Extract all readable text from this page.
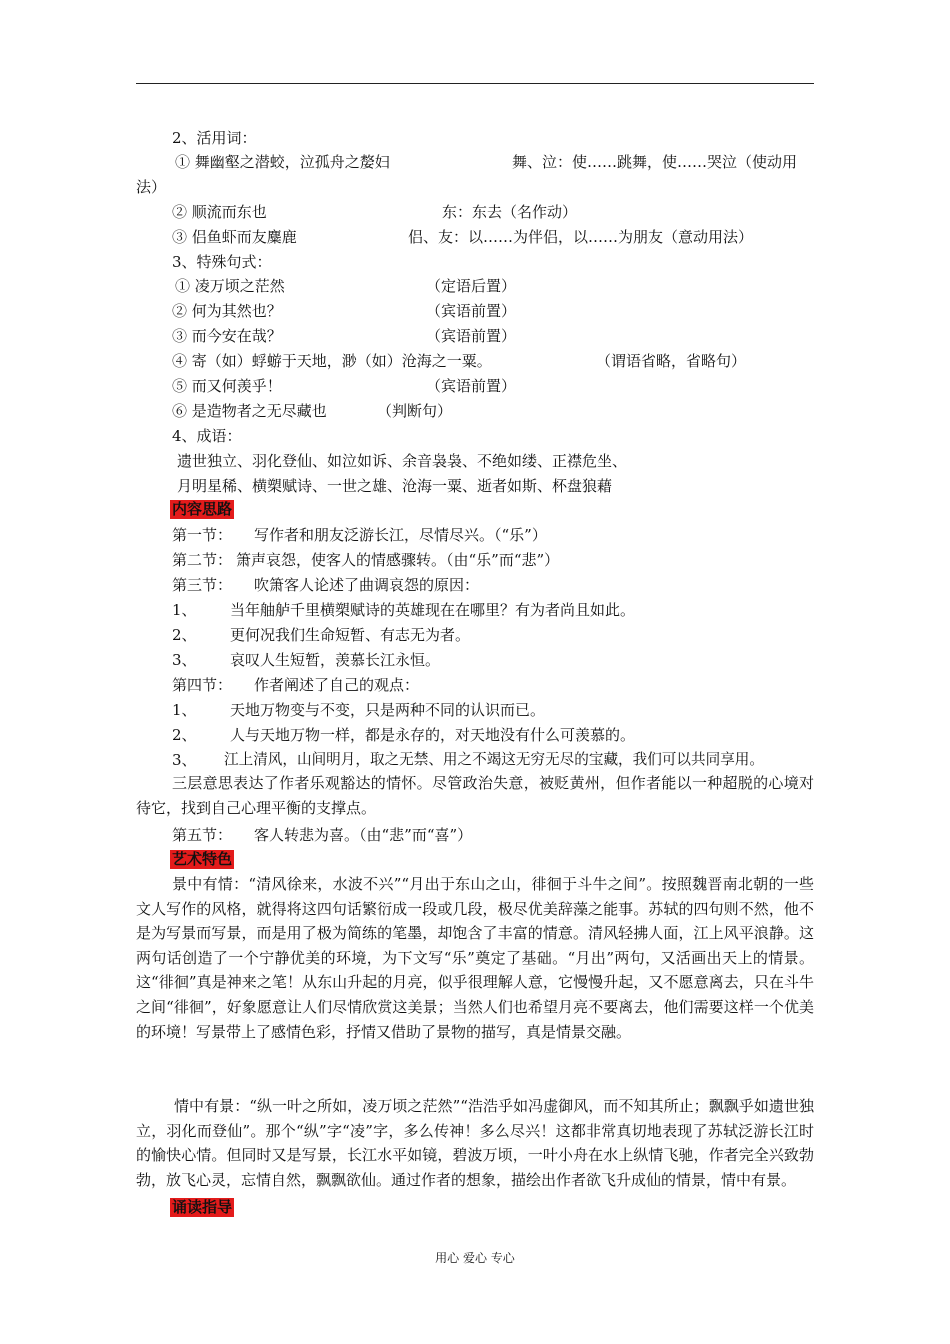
2、活用词：
① 舞幽壑之潜蛟，泣孤舟之嫠妇	舞、泣：使……跳舞，使……哭泣（使动用
法）
② 顺流而东也	东：东去（名作动）
③ 侣鱼虾而友麋鹿	侣、友：以……为伴侣，以……为朋友（意动用法）
3、特殊句式：
① 凌万顷之茫然	（定语后置）
② 何为其然也？	（宾语前置）
③ 而今安在哉？	（宾语前置）
④ 寄（如）蜉蝣于天地，渺（如）沧海之一粟。	（谓语省略，省略句）
⑤ 而又何羡乎！	（宾语前置）
⑥ 是造物者之无尽藏也	（判断句）
4、成语：
遗世独立、羽化登仙、如泣如诉、余音袅袅、不绝如缕、正襟危坐、
月明星稀、横槊赋诗、一世之雄、沧海一粟、逝者如斯、杯盘狼藉
内容思路
第一节： 写作者和朋友泛游长江，尽情尽兴。（“乐”）
第二节： 箫声哀怨，使客人的情感骤转。（由“乐”而“悲”）
第三节： 吹箫客人论述了曲调哀怨的原因：
1、 当年舳舻千里横槊赋诗的英雄现在在哪里？有为者尚且如此。
2、 更何况我们生命短暂、有志无为者。
3、 哀叹人生短暂，羡慕长江永恒。
第四节： 作者阐述了自己的观点：
1、 天地万物变与不变，只是两种不同的认识而已。
2、 人与天地万物一样，都是永存的，对天地没有什么可羡慕的。
3、 江上清风，山间明月，取之无禁、用之不竭这无穷无尽的宝藏，我们可以共同享用。
三层意思表达了作者乐观豁达的情怀。尽管政治失意，被贬黄州，但作者能以一种超脱的心境对待它，找到自己心理平衡的支撑点。
第五节： 客人转悲为喜。（由“悲”而“喜”）
艺术特色
景中有情：“清风徐来，水波不兴”“月出于东山之山，徘徊于斗牛之间”。按照魏晋南北朝的一些文人写作的风格，就得将这四句话繁衍成一段或几段，极尽优美辞藻之能事。苏轼的四句则不然，他不是为写景而写景，而是用了极为简练的笔墨，却饱含了丰富的情意。清风轻拂人面，江上风平浪静。这两句话创造了一个宁静优美的环境，为下文写“乐”奠定了基础。“月出”两句，又活画出天上的情景。这“徘徊”真是神来之笔！从东山升起的月亮，似乎很理解人意，它慢慢升起，又不愿意离去，只在斗牛之间“徘徊”，好象愿意让人们尽情欣赏这美景；当然人们也希望月亮不要离去，他们需要这样一个优美的环境！写景带上了感情色彩，抒情又借助了景物的描写，真是情景交融。
情中有景：“纵一叶之所如，凌万顷之茫然”“浩浩乎如冯虚御风，而不知其所止；飘飘乎如遗世独立，羽化而登仙”。那个“纵”字“凌”字，多么传神！多么尽兴！这都非常真切地表现了苏轼泛游长江时的愉快心情。但同时又是写景，长江水平如镜，碧波万顷，一叶小舟在水上纵情飞驰，作者完全兴致勃勃，放飞心灵，忘情自然，飘飘欲仙。通过作者的想象，描绘出作者欲飞升成仙的情景，情中有景。
诵读指导
用心 爱心 专心
